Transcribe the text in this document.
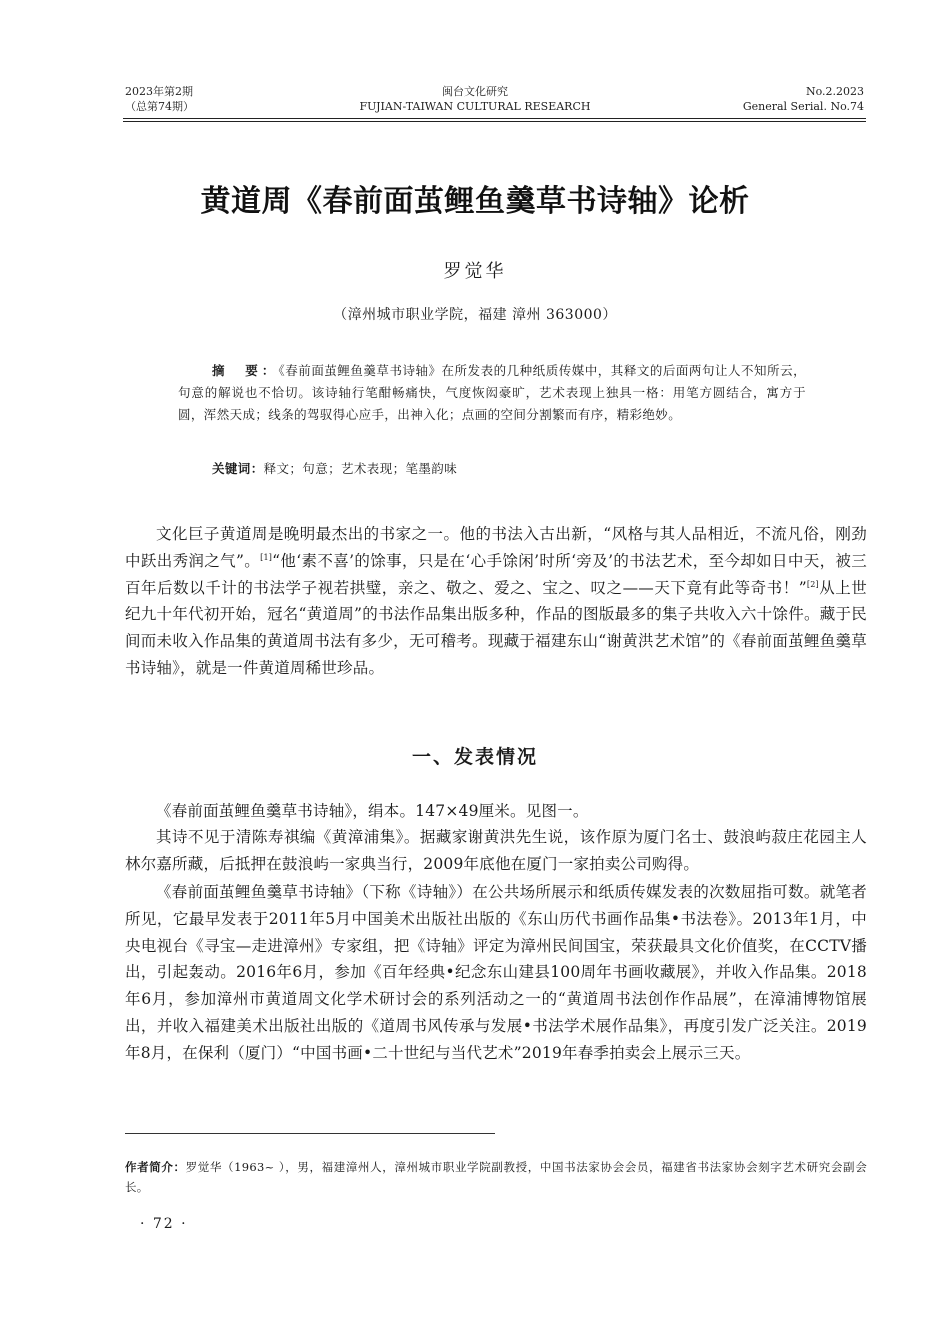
2023年第2期
（总第74期）
闽台文化研究
FUJIAN-TAIWAN CULTURAL RESEARCH
No.2.2023
General Serial. No.74
黄道周《春前面茧鲤鱼羹草书诗轴》论析
罗觉华
（漳州城市职业学院，福建 漳州 363000）
摘　要：《春前面茧鲤鱼羹草书诗轴》在所发表的几种纸质传媒中，其释文的后面两句让人不知所云，句意的解说也不恰切。该诗轴行笔酣畅痛快，气度恢闳豪旷，艺术表现上独具一格：用笔方圆结合，寓方于圆，浑然天成；线条的驾驭得心应手，出神入化；点画的空间分割繁而有序，精彩绝妙。
关键词：释文；句意；艺术表现；笔墨韵味
文化巨子黄道周是晚明最杰出的书家之一。他的书法入古出新，“风格与其人品相近，不流凡俗，刚劲中跃出秀润之气”。[1]“他‘素不喜’的馀事，只是在‘心手馀闲’时所‘旁及’的书法艺术，至今却如日中天，被三百年后数以千计的书法学子视若拱璧，亲之、敬之、爱之、宝之、叹之——天下竟有此等奇书！”[2]从上世纪九十年代初开始，冠名“黄道周”的书法作品集出版多种，作品的图版最多的集子共收入六十馀件。藏于民间而未收入作品集的黄道周书法有多少，无可稽考。现藏于福建东山“谢黄洪艺术馆”的《春前面茧鲤鱼羹草书诗轴》，就是一件黄道周稀世珍品。
一、发表情况
《春前面茧鲤鱼羹草书诗轴》，绢本。147×49厘米。见图一。
其诗不见于清陈寿祺编《黄漳浦集》。据藏家谢黄洪先生说，该作原为厦门名士、鼓浪屿菽庄花园主人林尔嘉所藏，后抵押在鼓浪屿一家典当行，2009年底他在厦门一家拍卖公司购得。
《春前面茧鲤鱼羹草书诗轴》（下称《诗轴》）在公共场所展示和纸质传媒发表的次数屈指可数。就笔者所见，它最早发表于2011年5月中国美术出版社出版的《东山历代书画作品集•书法卷》。2013年1月，中央电视台《寻宝—走进漳州》专家组，把《诗轴》评定为漳州民间国宝，荣获最具文化价值奖，在CCTV播出，引起轰动。2016年6月，参加《百年经典•纪念东山建县100周年书画收藏展》，并收入作品集。2018年6月，参加漳州市黄道周文化学术研讨会的系列活动之一的“黄道周书法创作作品展”，在漳浦博物馆展出，并收入福建美术出版社出版的《道周书风传承与发展•书法学术展作品集》，再度引发广泛关注。2019年8月，在保利（厦门）“中国书画•二十世纪与当代艺术”2019年春季拍卖会上展示三天。
作者简介：罗觉华（1963~ ），男，福建漳州人，漳州城市职业学院副教授，中国书法家协会会员，福建省书法家协会刻字艺术研究会副会长。
· 72 ·
